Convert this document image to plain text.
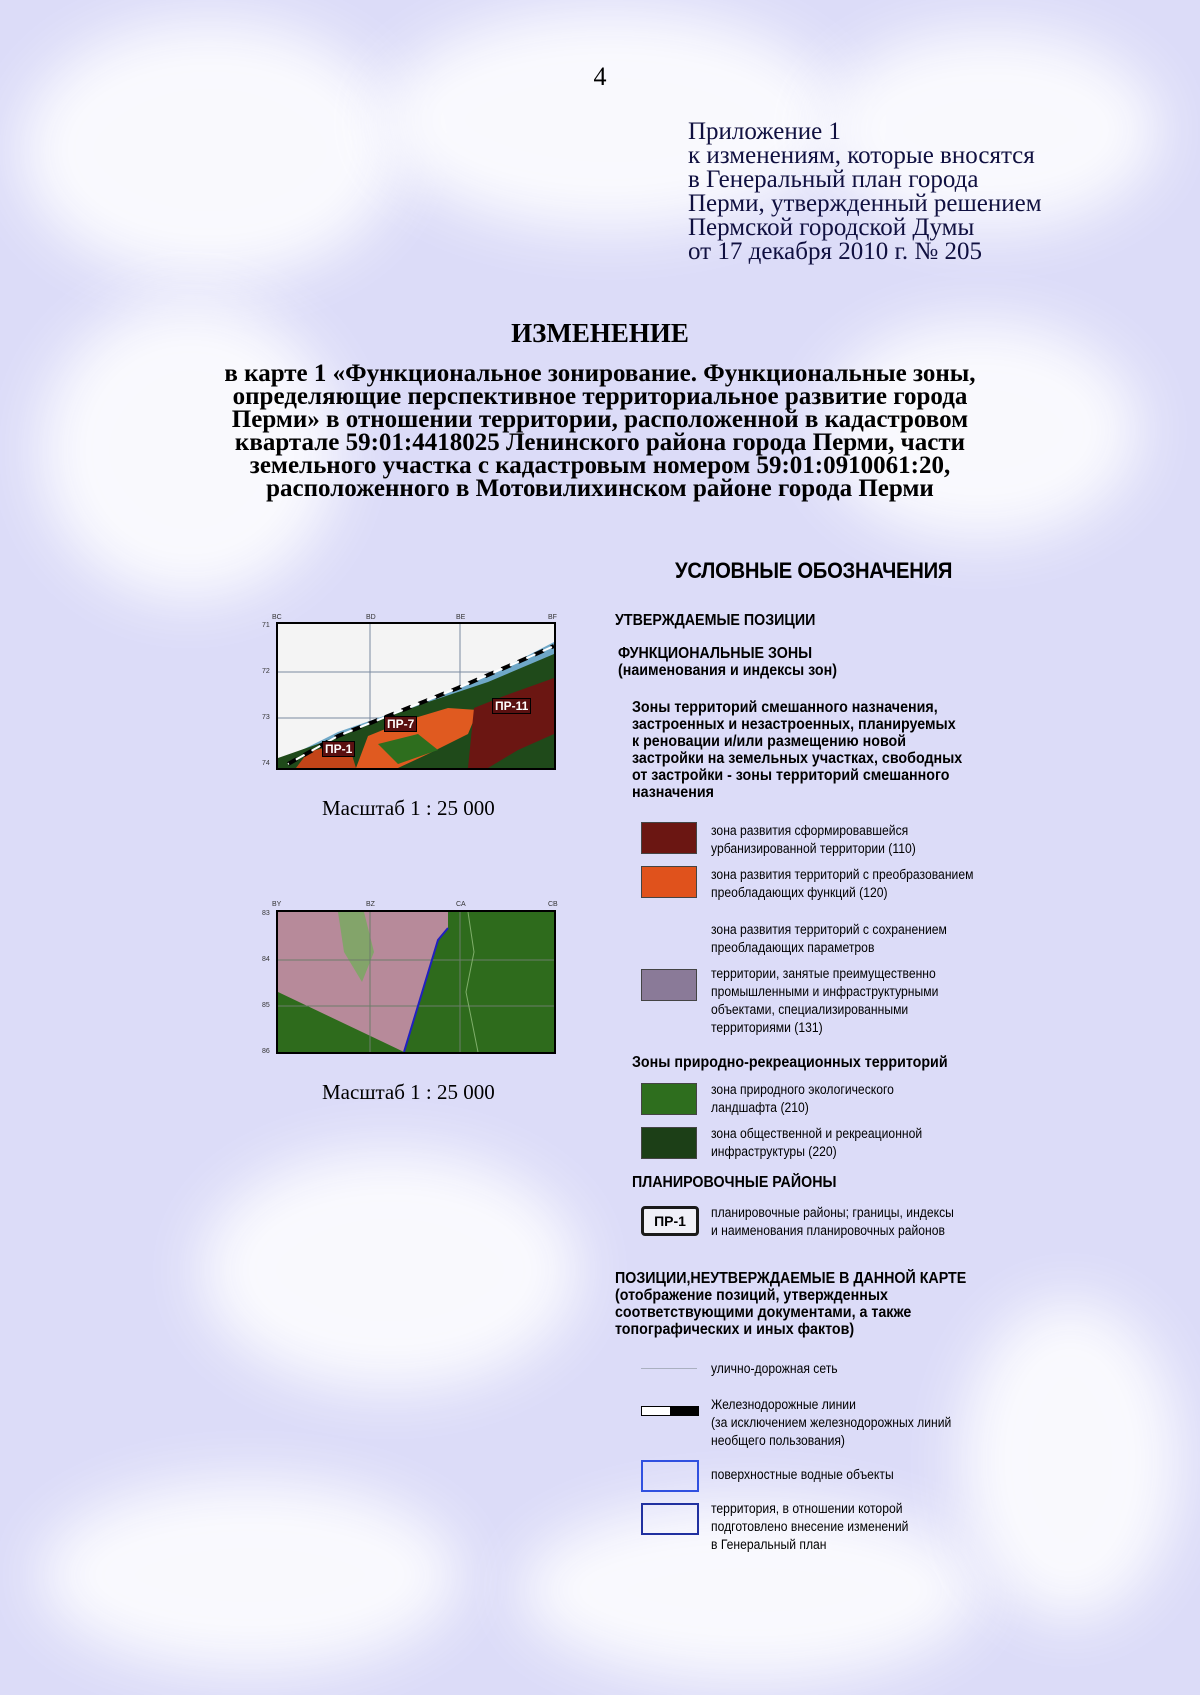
4
Приложение 1
к изменениям, которые вносятся
в Генеральный план города
Перми, утвержденный решением
Пермской городской Думы
от 17 декабря 2010 г. № 205
ИЗМЕНЕНИЕ
в карте 1 «Функциональное зонирование. Функциональные зоны,
определяющие перспективное территориальное развитие города
Перми» в отношении территории, расположенной в кадастровом
квартале 59:01:4418025 Ленинского района города Перми, части
земельного участка с кадастровым номером 59:01:0910061:20,
расположенного в Мотовилихинском районе города Перми
BC	BD	BE	BF
71
72
73
74
ПР-1
ПР-7
ПР-11
Масштаб 1 : 25 000
BY	BZ	CA	CB
83
84
85
86
Масштаб 1 : 25 000
УСЛОВНЫЕ ОБОЗНАЧЕНИЯ
УТВЕРЖДАЕМЫЕ ПОЗИЦИИ
ФУНКЦИОНАЛЬНЫЕ ЗОНЫ
(наименования и индексы зон)
Зоны территорий смешанного назначения,
застроенных и незастроенных, планируемых
к реновации и/или размещению новой
застройки на земельных участках, свободных
от застройки - зоны территорий смешанного
назначения
зона развития сформировавшейся
урбанизированной территории (110)
зона развития территорий с преобразованием
преобладающих функций (120)
зона развития территорий с сохранением
преобладающих параметров
территории, занятые преимущественно
промышленными и инфраструктурными
объектами, специализированными
территориями (131)
Зоны природно-рекреационных территорий
зона природного экологического
ландшафта (210)
зона общественной и рекреационной
инфраструктуры (220)
ПЛАНИРОВОЧНЫЕ РАЙОНЫ
ПР-1
планировочные районы; границы, индексы
и наименования планировочных районов
ПОЗИЦИИ,НЕУТВЕРЖДАЕМЫЕ В ДАННОЙ КАРТЕ
(отображение позиций, утвержденных
соответствующими документами, а также
топографических и иных фактов)
улично-дорожная сеть
Железнодорожные линии
(за исключением железнодорожных линий
необщего пользования)
поверхностные водные объекты
территория, в отношении которой
подготовлено внесение изменений
в Генеральный план
